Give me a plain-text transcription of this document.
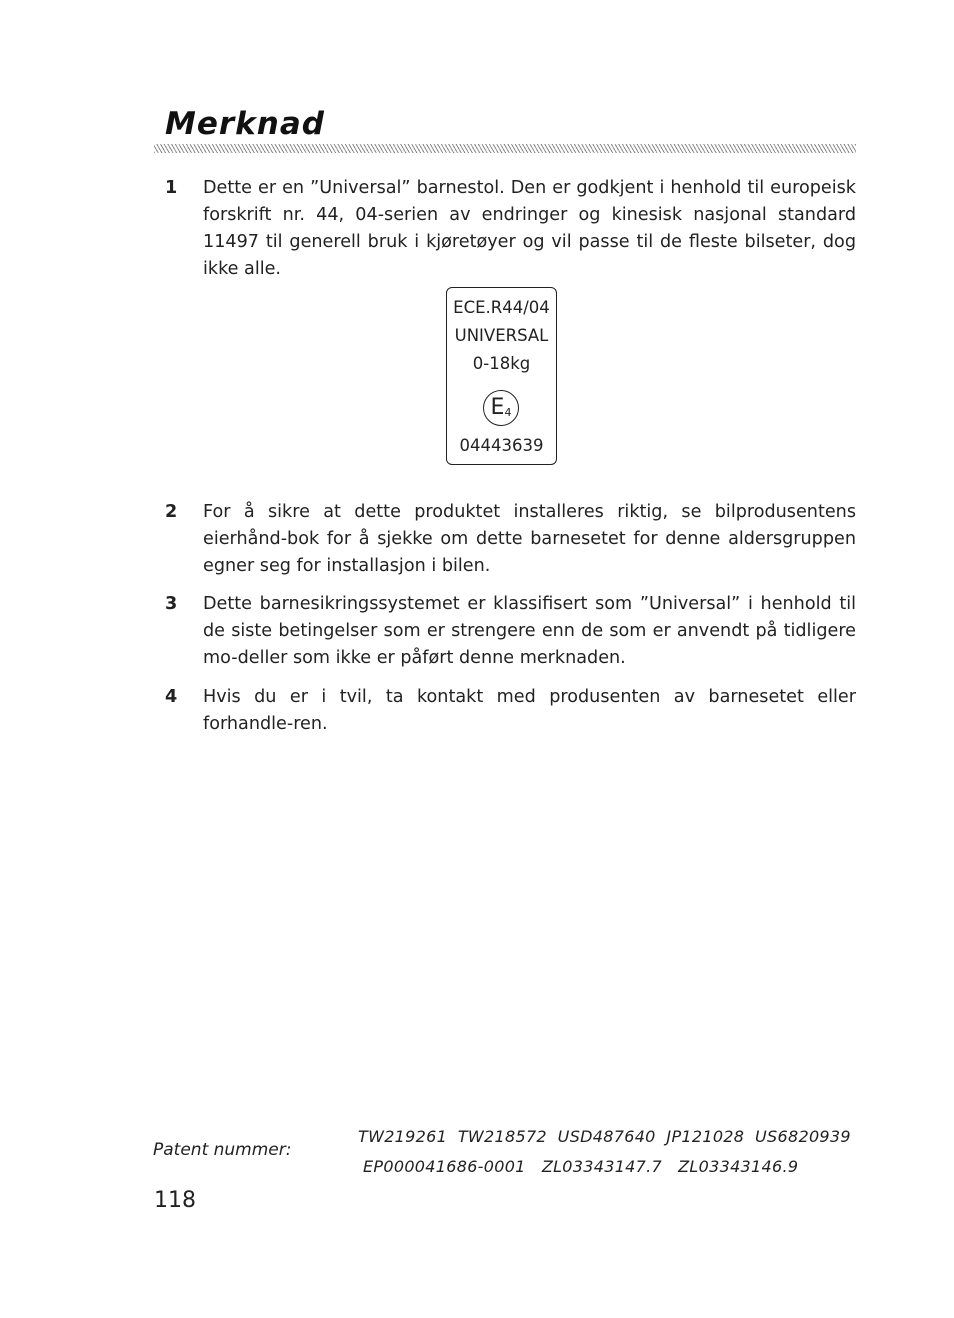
Merknad
1 Dette er en ”Universal” barnestol. Den er godkjent i henhold til europeisk forskrift nr. 44, 04-serien av endringer og kinesisk nasjonal standard 11497 til generell bruk i kjøretøyer og vil passe til de fleste bilseter, dog ikke alle.
ECE.R44/04
UNIVERSAL
0-18kg
$E_4$
04443639
2 For å sikre at dette produktet installeres riktig, se bilprodusentens eierhånd-bok for å sjekke om dette barnesetet for denne aldersgruppen egner seg for installasjon i bilen.
3 Dette barnesikringssystemet er klassifisert som ”Universal” i henhold til de siste betingelser som er strengere enn de som er anvendt på tidligere mo-deller som ikke er påført denne merknaden.
4 Hvis du er i tvil, ta kontakt med produsenten av barnesetet eller forhandle-ren.
Patent nummer:
TW219261  TW218572  USD487640  JP121028  US6820939
EP000041686-0001   ZL03343147.7   ZL03343146.9
118
